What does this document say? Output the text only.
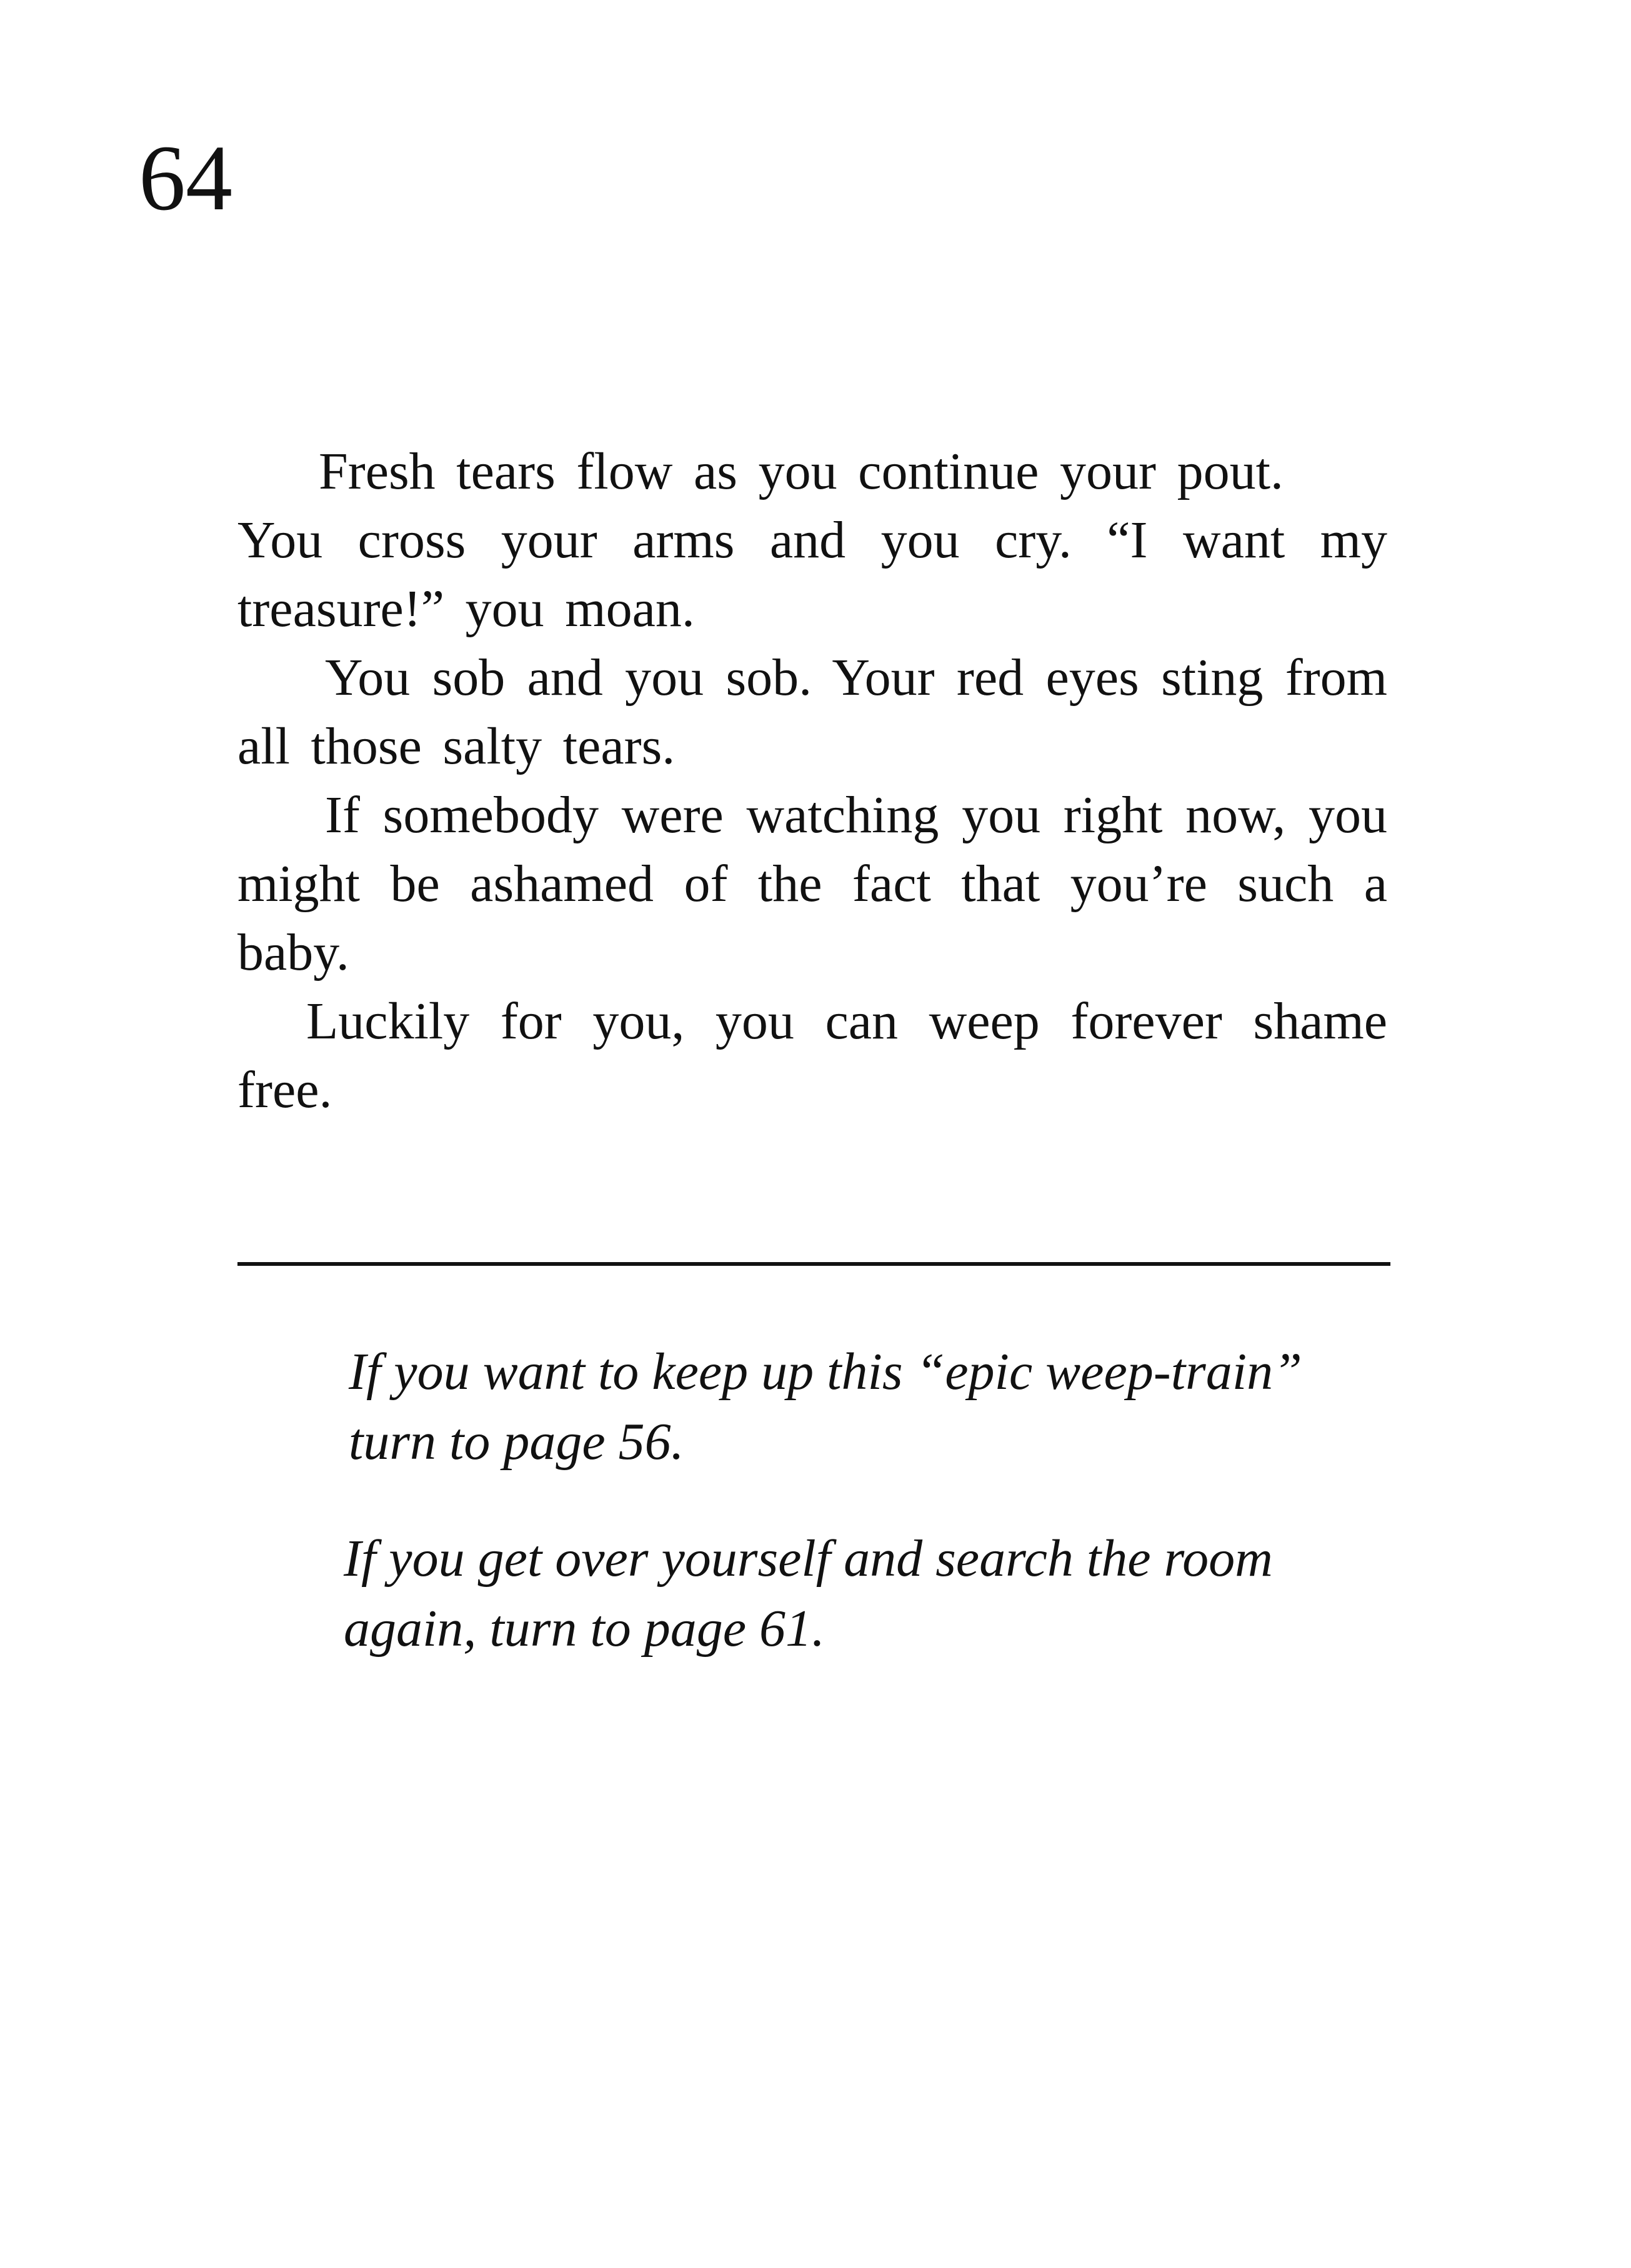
64

Fresh tears flow as you continue your pout.

You cross your arms and you cry. “I want my treasure!” you moan.

You sob and you sob. Your red eyes sting from all those salty tears.

If somebody were watching you right now, you might be ashamed of the fact that you’re such a baby.

Luckily for you, you can weep forever shame free.

If you want to keep up this “epic weep-train”
turn to page 56.
If you get over yourself and search the room
again, turn to page 61.
